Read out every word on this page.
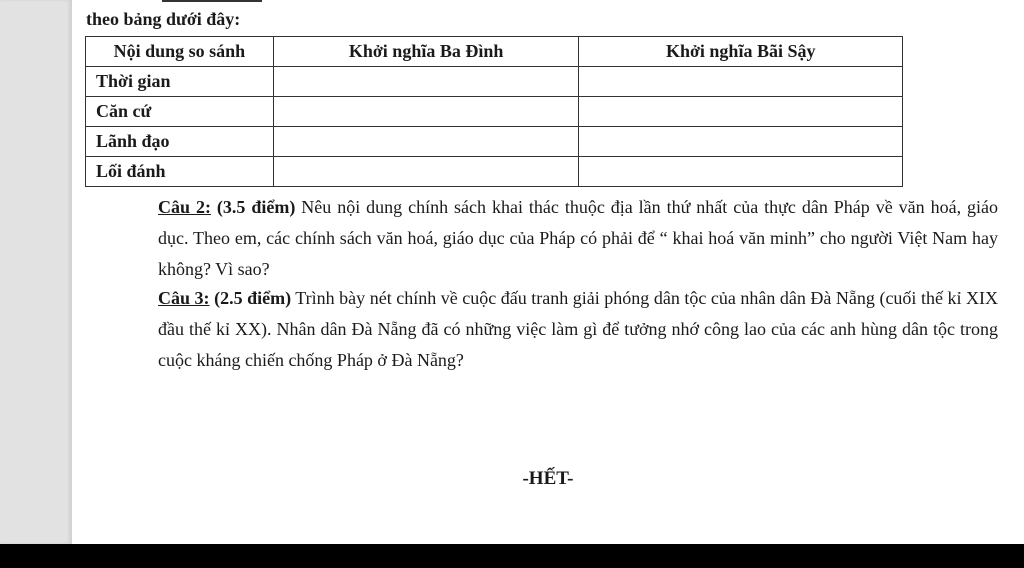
theo bảng dưới đây:
Nội dung so sánh	Khởi nghĩa Ba Đình	Khởi nghĩa Bãi Sậy
Thời gian		
Căn cứ		
Lãnh đạo		
Lối đánh		
Câu 2: (3.5 điểm) Nêu nội dung chính sách khai thác thuộc địa lần thứ nhất của thực dân Pháp về văn hoá, giáo dục. Theo em, các chính sách văn hoá, giáo dục của Pháp có phải để “ khai hoá văn minh” cho người Việt Nam hay không? Vì sao?
Câu 3: (2.5 điểm) Trình bày nét chính về cuộc đấu tranh giải phóng dân tộc của nhân dân Đà Nẵng (cuối thế kỉ XIX đầu thế kỉ XX). Nhân dân Đà Nẵng đã có những việc làm gì để tưởng nhớ công lao của các anh hùng dân tộc trong cuộc kháng chiến chống Pháp ở Đà Nẵng?
-HẾT-
